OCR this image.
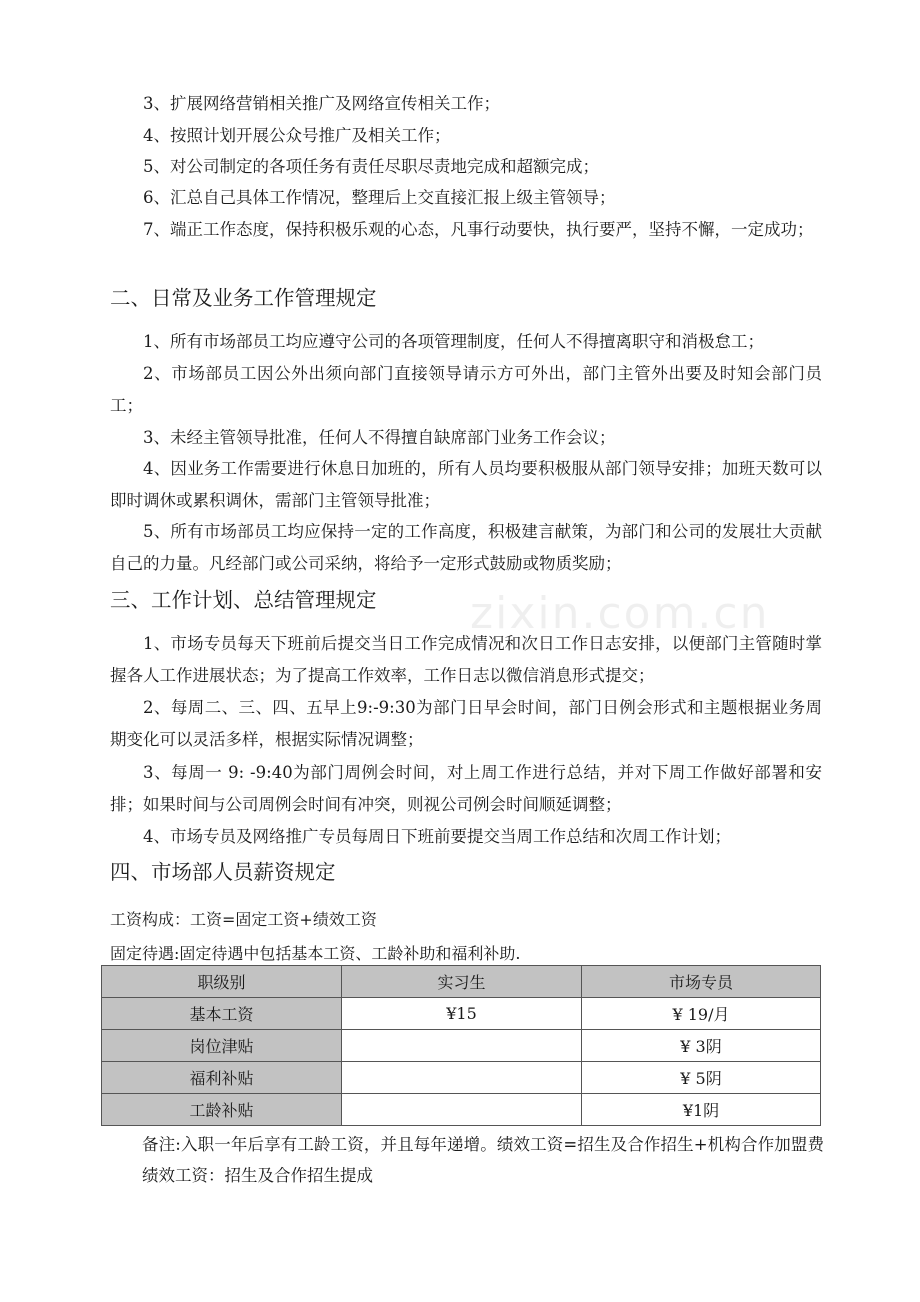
3、扩展网络营销相关推广及网络宣传相关工作；
4、按照计划开展公众号推广及相关工作；
5、对公司制定的各项任务有责任尽职尽责地完成和超额完成；
6、汇总自己具体工作情况，整理后上交直接汇报上级主管领导；
7、端正工作态度，保持积极乐观的心态，凡事行动要快，执行要严，坚持不懈，一定成功；
二、日常及业务工作管理规定
1、所有市场部员工均应遵守公司的各项管理制度，任何人不得擅离职守和消极怠工；
2、市场部员工因公外出须向部门直接领导请示方可外出，部门主管外出要及时知会部门员工；
3、未经主管领导批准，任何人不得擅自缺席部门业务工作会议；
4、因业务工作需要进行休息日加班的，所有人员均要积极服从部门领导安排；加班天数可以即时调休或累积调休，需部门主管领导批准；
5、所有市场部员工均应保持一定的工作高度，积极建言献策，为部门和公司的发展壮大贡献自己的力量。凡经部门或公司采纳，将给予一定形式鼓励或物质奖励；
三、工作计划、总结管理规定
1、市场专员每天下班前后提交当日工作完成情况和次日工作日志安排，以便部门主管随时掌握各人工作进展状态；为了提高工作效率，工作日志以微信消息形式提交；
2、每周二、三、四、五早上9:-9:30为部门日早会时间，部门日例会形式和主题根据业务周期变化可以灵活多样，根据实际情况调整；
3、每周一 9: -9:40为部门周例会时间，对上周工作进行总结，并对下周工作做好部署和安排；如果时间与公司周例会时间有冲突，则视公司例会时间顺延调整；
4、市场专员及网络推广专员每周日下班前要提交当周工作总结和次周工作计划；
四、市场部人员薪资规定
工资构成：工资=固定工资+绩效工资
固定待遇:固定待遇中包括基本工资、工龄补助和福利补助.
职级别	实习生	市场专员
基本工资	¥15	¥ 19/月
岗位津贴		¥ 3阴
福利补贴		¥ 5阴
工龄补贴		¥1阴
备注:入职一年后享有工龄工资，并且每年递增。绩效工资=招生及合作招生+机构合作加盟费绩效工资：招生及合作招生提成
zixin.com.cn
